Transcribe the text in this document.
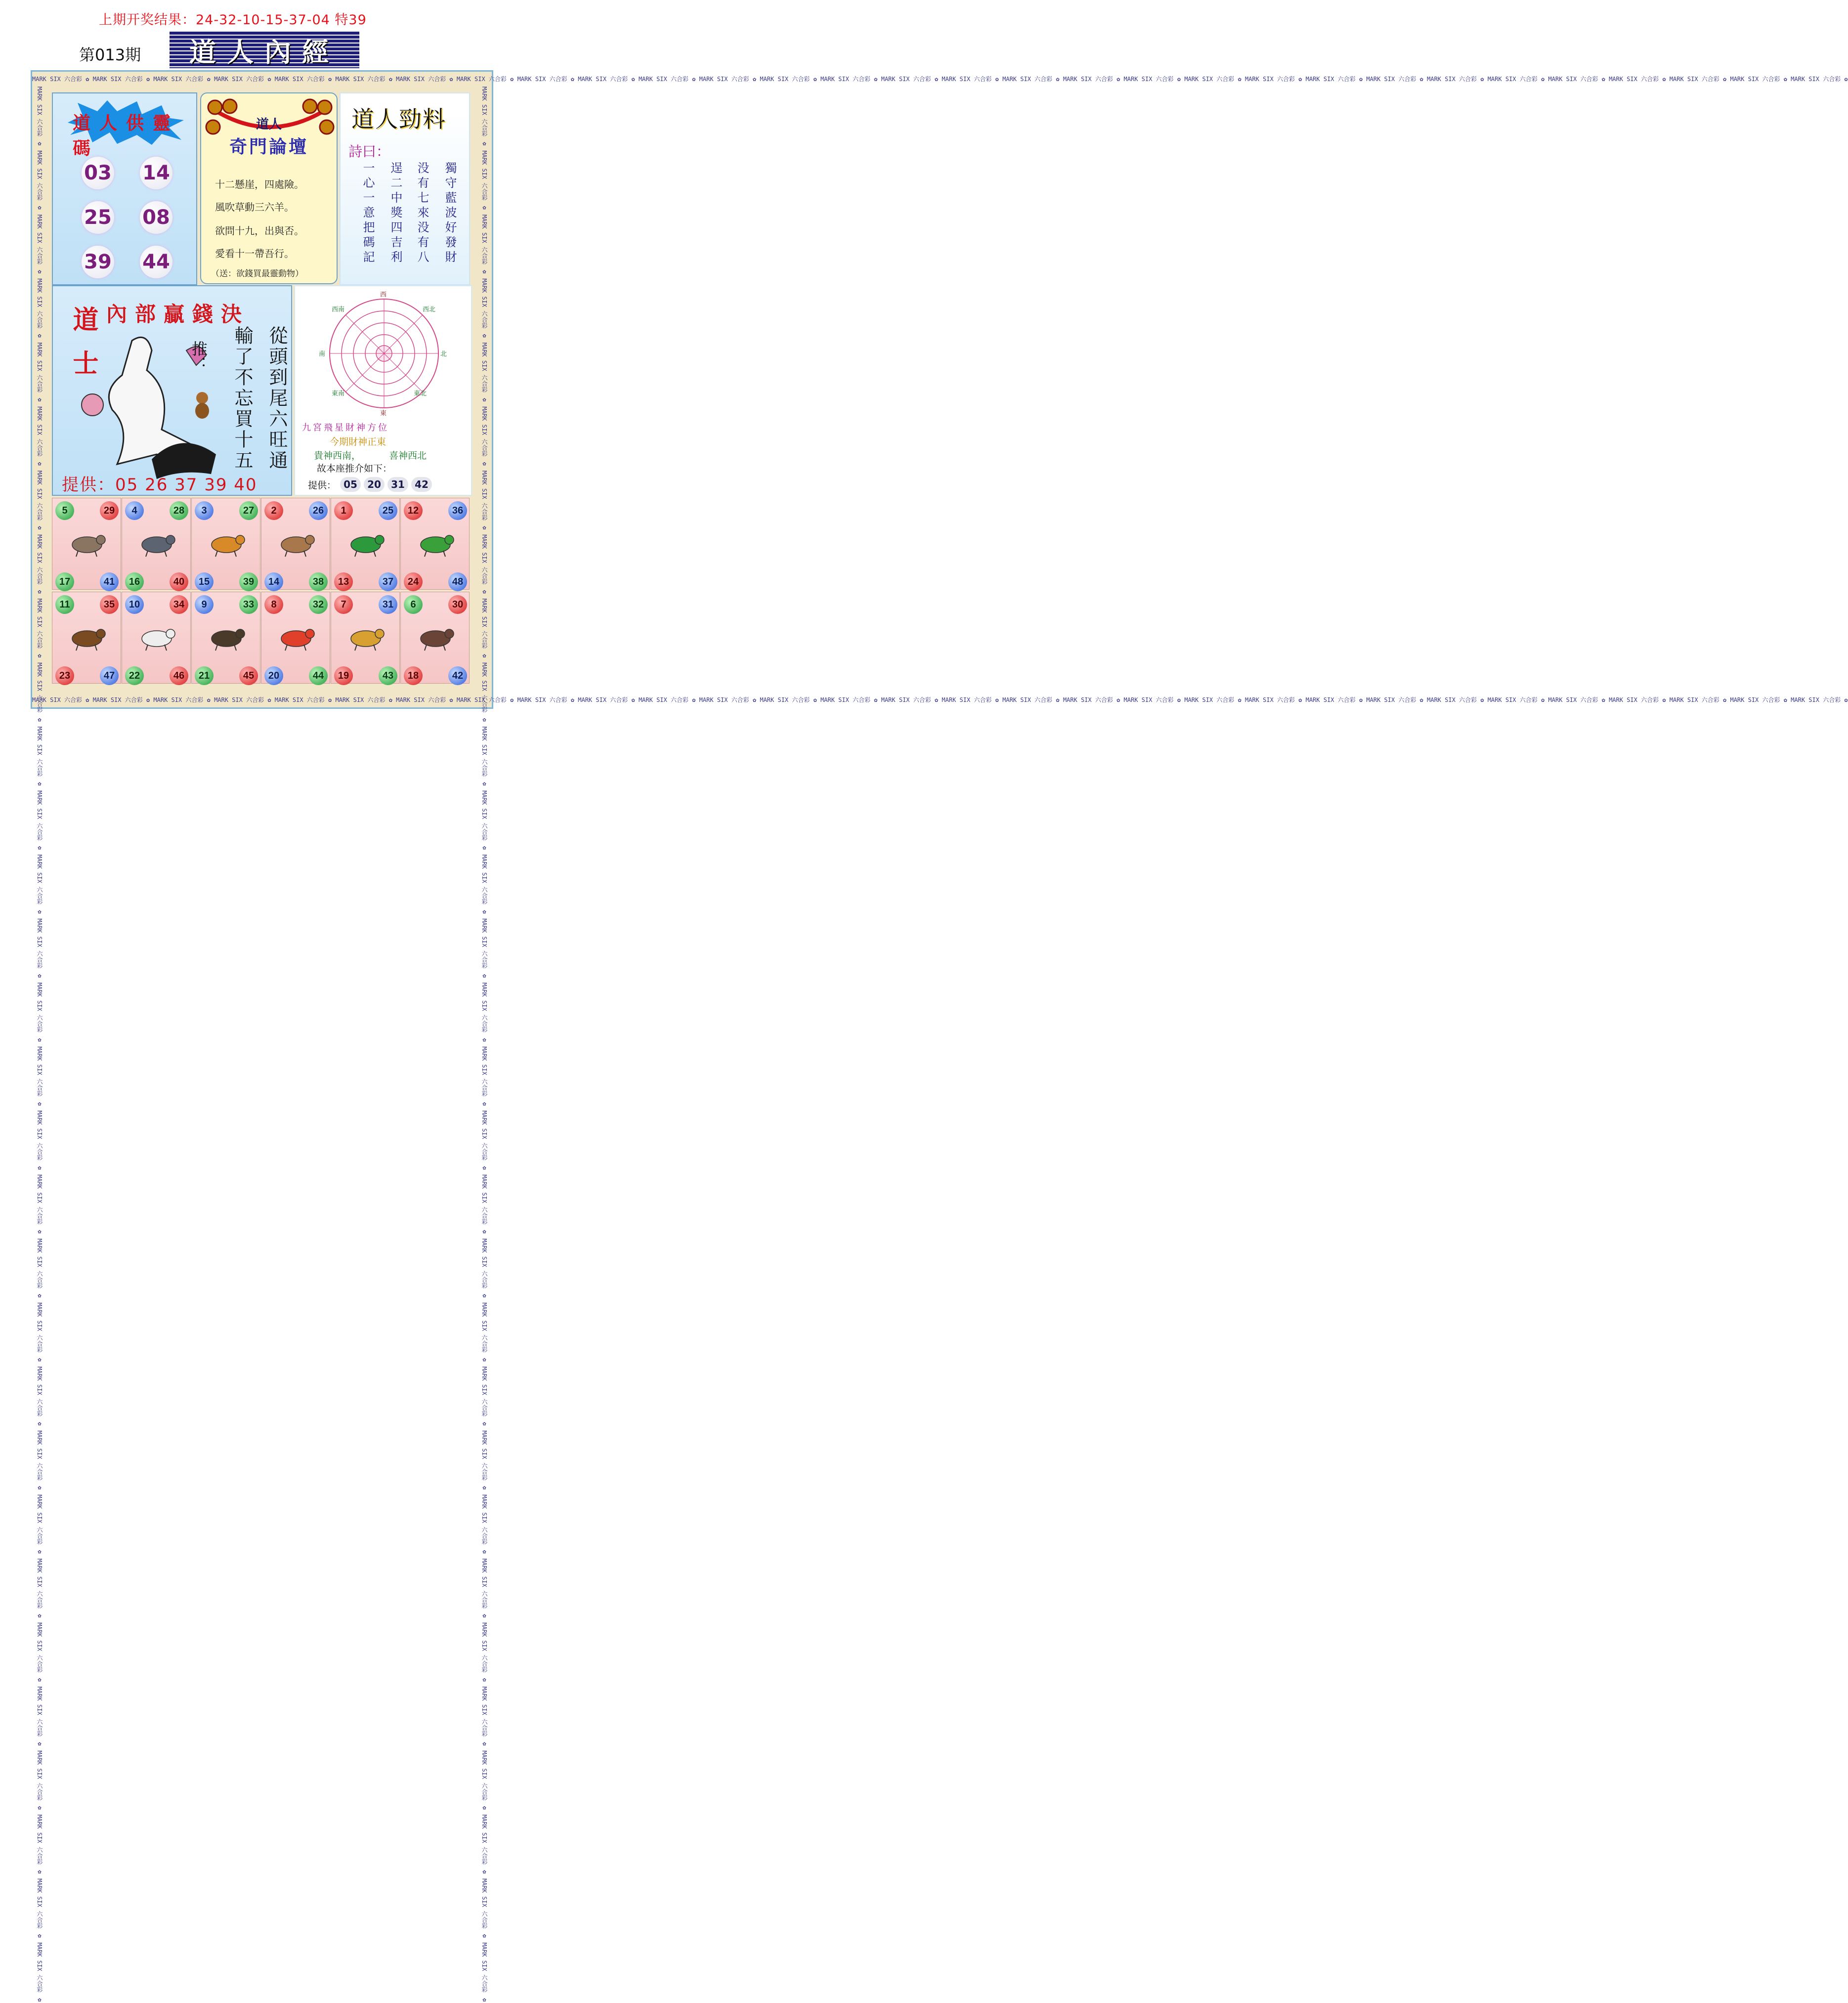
上期开奖结果：24-32-10-15-37-04 特39
第013期 道人內經
MARK SIX 六合彩 ✿ MARK SIX 六合彩 ✿ MARK SIX 六合彩 ✿ MARK SIX 六合彩 ✿ MARK SIX 六合彩 ✿ MARK SIX 六合彩 ✿ MARK SIX 六合彩 ✿ MARK SIX 六合彩 ✿ MARK SIX 六合彩 ✿ MARK SIX 六合彩 ✿ MARK SIX 六合彩 ✿ MARK SIX 六合彩 ✿ MARK SIX 六合彩 ✿ MARK SIX 六合彩 ✿ MARK SIX 六合彩 ✿ MARK SIX 六合彩 ✿ MARK SIX 六合彩 ✿ MARK SIX 六合彩 ✿ MARK SIX 六合彩 ✿ MARK SIX 六合彩 ✿ MARK SIX 六合彩 ✿ MARK SIX 六合彩 ✿ MARK SIX 六合彩 ✿ MARK SIX 六合彩 ✿ MARK SIX 六合彩 ✿ MARK SIX 六合彩 ✿ MARK SIX 六合彩 ✿ MARK SIX 六合彩 ✿ MARK SIX 六合彩 ✿ MARK SIX 六合彩 ✿
MARK SIX 六合彩 ✿ MARK SIX 六合彩 ✿ MARK SIX 六合彩 ✿ MARK SIX 六合彩 ✿ MARK SIX 六合彩 ✿ MARK SIX 六合彩 ✿ MARK SIX 六合彩 ✿ MARK SIX 六合彩 ✿ MARK SIX 六合彩 ✿ MARK SIX 六合彩 ✿ MARK SIX 六合彩 ✿ MARK SIX 六合彩 ✿ MARK SIX 六合彩 ✿ MARK SIX 六合彩 ✿ MARK SIX 六合彩 ✿ MARK SIX 六合彩 ✿ MARK SIX 六合彩 ✿ MARK SIX 六合彩 ✿ MARK SIX 六合彩 ✿ MARK SIX 六合彩 ✿ MARK SIX 六合彩 ✿ MARK SIX 六合彩 ✿ MARK SIX 六合彩 ✿ MARK SIX 六合彩 ✿ MARK SIX 六合彩 ✿ MARK SIX 六合彩 ✿ MARK SIX 六合彩 ✿ MARK SIX 六合彩 ✿ MARK SIX 六合彩 ✿ MARK SIX 六合彩 ✿
MARK SIX 六合彩 ✿ MARK SIX 六合彩 ✿ MARK SIX 六合彩 ✿ MARK SIX 六合彩 ✿ MARK SIX 六合彩 ✿ MARK SIX 六合彩 ✿ MARK SIX 六合彩 ✿ MARK SIX 六合彩 ✿ MARK SIX 六合彩 ✿ MARK SIX 六合彩 ✿ MARK SIX 六合彩 ✿ MARK SIX 六合彩 ✿ MARK SIX 六合彩 ✿ MARK SIX 六合彩 ✿ MARK SIX 六合彩 ✿ MARK SIX 六合彩 ✿ MARK SIX 六合彩 ✿ MARK SIX 六合彩 ✿ MARK SIX 六合彩 ✿ MARK SIX 六合彩 ✿ MARK SIX 六合彩 ✿ MARK SIX 六合彩 ✿ MARK SIX 六合彩 ✿ MARK SIX 六合彩 ✿ MARK SIX 六合彩 ✿ MARK SIX 六合彩 ✿ MARK SIX 六合彩 ✿ MARK SIX 六合彩 ✿ MARK SIX 六合彩 ✿ MARK SIX 六合彩 ✿	MARK SIX 六合彩 ✿ MARK SIX 六合彩 ✿ MARK SIX 六合彩 ✿ MARK SIX 六合彩 ✿ MARK SIX 六合彩 ✿ MARK SIX 六合彩 ✿ MARK SIX 六合彩 ✿ MARK SIX 六合彩 ✿ MARK SIX 六合彩 ✿ MARK SIX 六合彩 ✿ MARK SIX 六合彩 ✿ MARK SIX 六合彩 ✿ MARK SIX 六合彩 ✿ MARK SIX 六合彩 ✿ MARK SIX 六合彩 ✿ MARK SIX 六合彩 ✿ MARK SIX 六合彩 ✿ MARK SIX 六合彩 ✿ MARK SIX 六合彩 ✿ MARK SIX 六合彩 ✿ MARK SIX 六合彩 ✿ MARK SIX 六合彩 ✿ MARK SIX 六合彩 ✿ MARK SIX 六合彩 ✿ MARK SIX 六合彩 ✿ MARK SIX 六合彩 ✿ MARK SIX 六合彩 ✿ MARK SIX 六合彩 ✿ MARK SIX 六合彩 ✿ MARK SIX 六合彩 ✿
道人供靈碼
03 14
25 08
39 44
道人
奇門論壇
十二懸崖，四處險。
風吹草動三六羊。
欲問十九，出與否。
愛看十一帶吾行。
（送：欲錢買最靈動物）
道人勁料
詩曰：
獨守藍波好發財
没有七來没有八
逞二中獎四吉利
一心一意把碼記
內部贏錢決
道士	推： 輸了不忘買十五 從頭到尾六旺通
提供：05 26 37 39 40
西
東
南	北
西南	西北
東南	東北
九宮飛星財神方位
今期財神正東
貴神西南，	喜神西北
故本座推介如下：
提供： 05	20	31	42
5	29
17	41
4	28
16	40
3	27
15	39
2	26
14	38
1	25
13	37
12	36
24	48
11	35
23	47
10	34
22	46
9	33
21	45
8	32
20	44
7	31
19	43
6	30
18	42
